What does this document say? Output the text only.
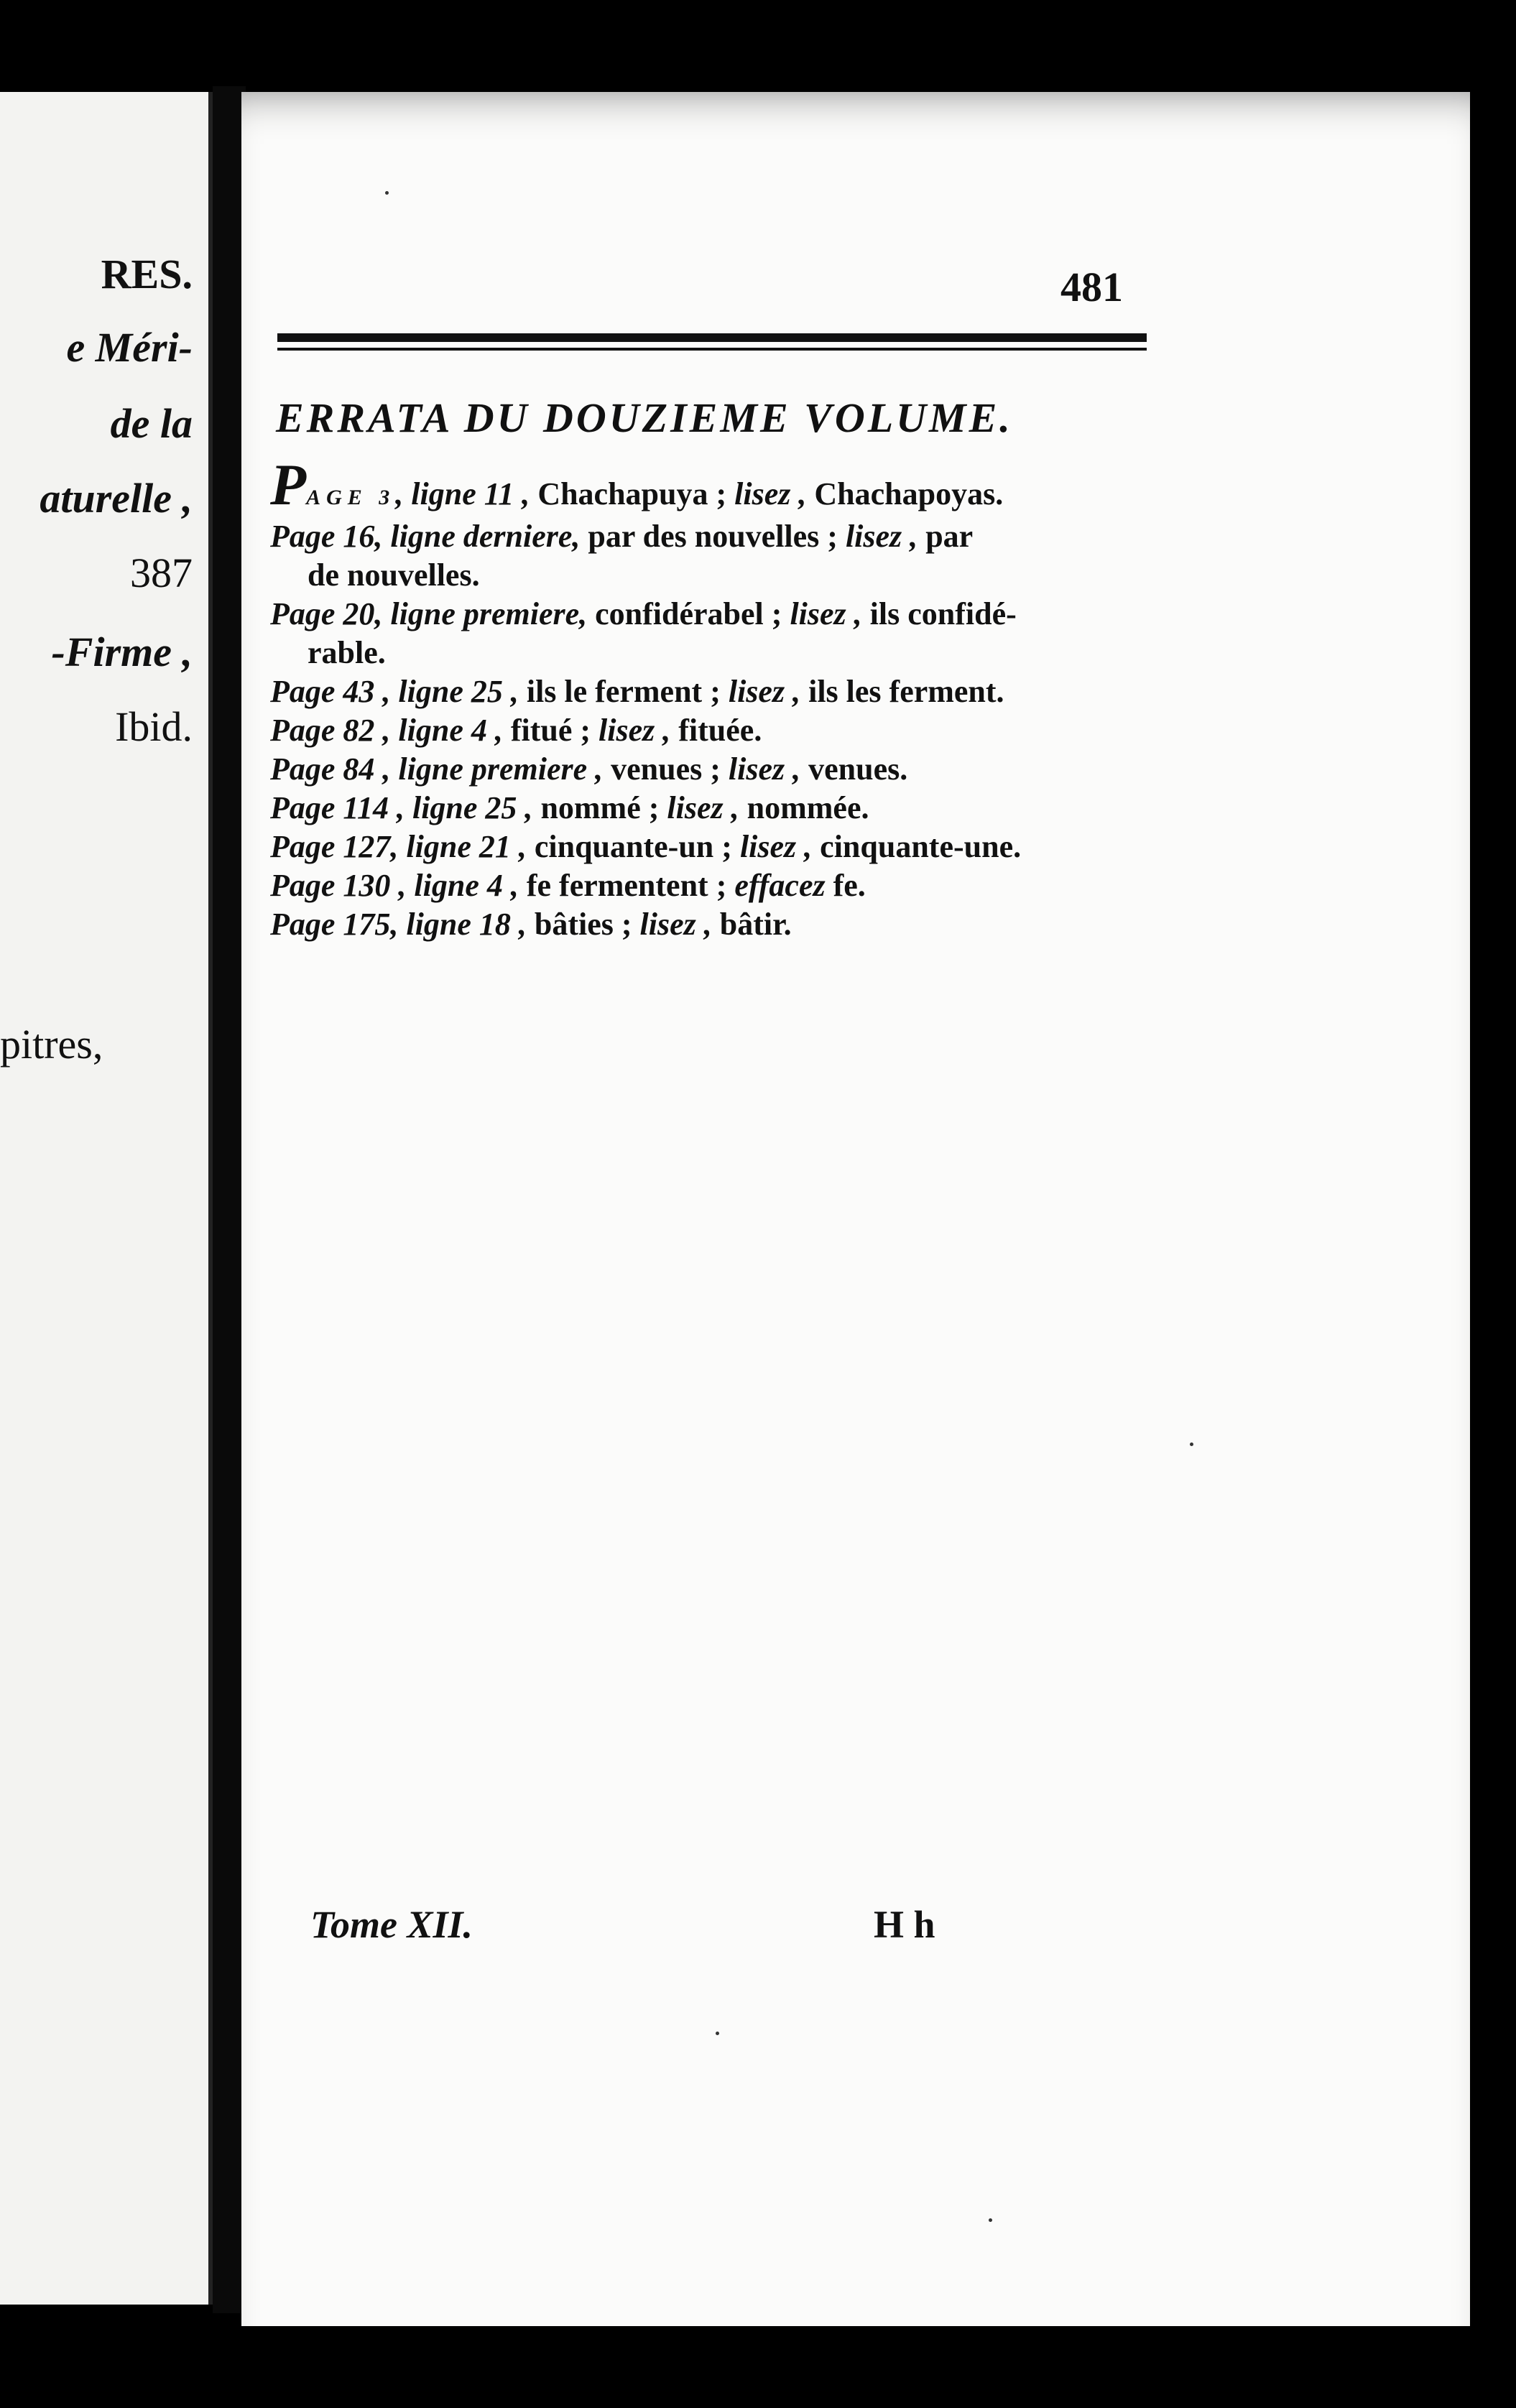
RES.
e Méri-
de la
aturelle ,
387
-Firme ,
Ibid.
pitres,
481
ERRATA DU DOUZIEME VOLUME.
PAGE 3, ligne 11 , Chachapuya ; lisez , Chachapoyas.
Page 16, ligne derniere, par des nouvelles ; lisez , par
de nouvelles.
Page 20, ligne premiere, confidérabel ; lisez , ils confidé-
rable.
Page 43 , ligne 25 , ils le ferment ; lisez , ils les ferment.
Page 82 , ligne 4 , fitué ; lisez , fituée.
Page 84 , ligne premiere , venues ; lisez , venues.
Page 114 , ligne 25 , nommé ; lisez , nommée.
Page 127, ligne 21 , cinquante-un ; lisez , cinquante-une.
Page 130 , ligne 4 , fe fermentent ; effacez fe.
Page 175, ligne 18 , bâties ; lisez , bâtir.
Tome XII.	H h
